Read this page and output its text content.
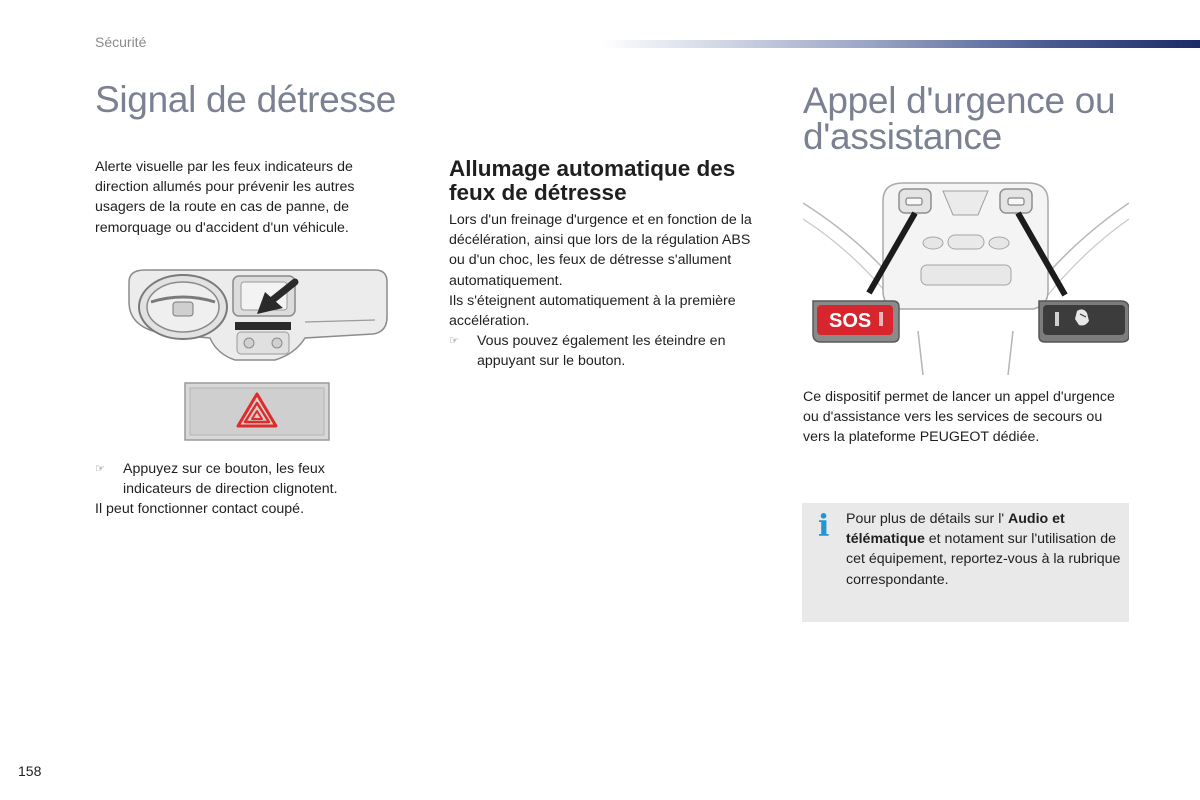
Sécurité
Signal de détresse

Alerte visuelle par les feux indicateurs de direction allumés pour prévenir les autres usagers de la route en cas de panne, de remorquage ou d'accident d'un véhicule.

☞ Appuyez sur ce bouton, les feux indicateurs de direction clignotent.

Il peut fonctionner contact coupé.

Allumage automatique des feux de détresse

Lors d'un freinage d'urgence et en fonction de la décélération, ainsi que lors de la régulation ABS ou d'un choc, les feux de détresse s'allument automatiquement.

Ils s'éteignent automatiquement à la première accélération.

☞ Vous pouvez également les éteindre en appuyant sur le bouton.
Appel d'urgence ou d'assistance
SOS

Ce dispositif permet de lancer un appel d'urgence ou d'assistance vers les services de secours ou vers la plateforme PEUGEOT dédiée.

i Pour plus de détails sur l' Audio et télématique et notament sur l'utilisation de cet équipement, reportez-vous à la rubrique correspondante.

158
